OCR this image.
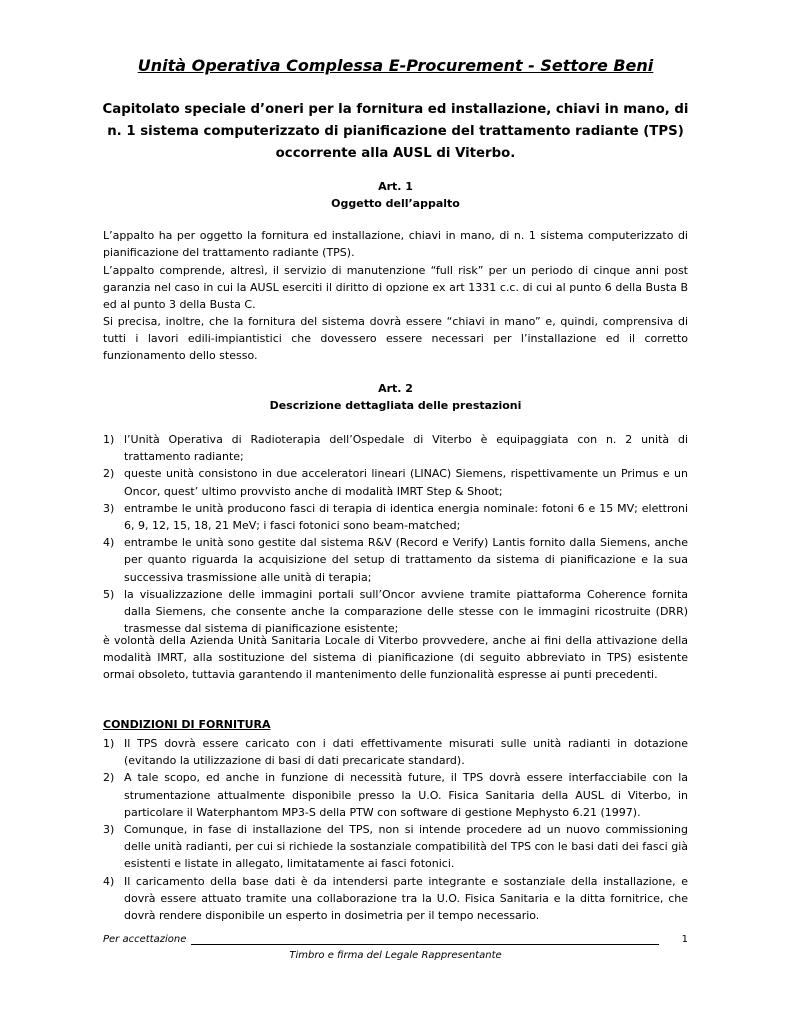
Unità Operativa Complessa E-Procurement - Settore Beni
Capitolato speciale d’oneri per la fornitura ed installazione, chiavi in mano, di n. 1 sistema computerizzato di pianificazione del trattamento radiante (TPS) occorrente alla AUSL di Viterbo.
Art. 1
Oggetto dell’appalto

L’appalto ha per oggetto la fornitura ed installazione, chiavi in mano, di n. 1 sistema computerizzato di pianificazione del trattamento radiante (TPS).

L’appalto comprende, altresì, il servizio di manutenzione “full risk” per un periodo di cinque anni post garanzia nel caso in cui la AUSL eserciti il diritto di opzione ex art 1331 c.c. di cui al punto 6 della Busta B ed al punto 3 della Busta C.

Si precisa, inoltre, che la fornitura del sistema dovrà essere “chiavi in mano” e, quindi, comprensiva di tutti i lavori edili-impiantistici che dovessero essere necessari per l’installazione ed il corretto funzionamento dello stesso.

Art. 2
Descrizione dettagliata delle prestazioni
1) l’Unità Operativa di Radioterapia dell’Ospedale di Viterbo è equipaggiata con n. 2 unità di trattamento radiante;
2) queste unità consistono in due acceleratori lineari (LINAC) Siemens, rispettivamente un Primus e un Oncor, quest’ ultimo provvisto anche di modalità IMRT Step & Shoot;
3) entrambe le unità producono fasci di terapia di identica energia nominale: fotoni 6 e 15 MV; elettroni 6, 9, 12, 15, 18, 21 MeV; i fasci fotonici sono beam-matched;
4) entrambe le unità sono gestite dal sistema R&V (Record e Verify) Lantis fornito dalla Siemens, anche per quanto riguarda la acquisizione del setup di trattamento da sistema di pianificazione e la sua successiva trasmissione alle unità di terapia;
5) la visualizzazione delle immagini portali sull’Oncor avviene tramite piattaforma Coherence fornita dalla Siemens, che consente anche la comparazione delle stesse con le immagini ricostruite (DRR) trasmesse dal sistema di pianificazione esistente;

è volontà della Azienda Unità Sanitaria Locale di Viterbo provvedere, anche ai fini della attivazione della modalità IMRT, alla sostituzione del sistema di pianificazione (di seguito abbreviato in TPS) esistente ormai obsoleto, tuttavia garantendo il mantenimento delle funzionalità espresse ai punti precedenti.

CONDIZIONI DI FORNITURA
1) Il TPS dovrà essere caricato con i dati effettivamente misurati sulle unità radianti in dotazione (evitando la utilizzazione di basi di dati precaricate standard).
2) A tale scopo, ed anche in funzione di necessità future, il TPS dovrà essere interfacciabile con la strumentazione attualmente disponibile presso la U.O. Fisica Sanitaria della AUSL di Viterbo, in particolare il Waterphantom MP3-S della PTW con software di gestione Mephysto 6.21 (1997).
3) Comunque, in fase di installazione del TPS, non si intende procedere ad un nuovo commissioning delle unità radianti, per cui si richiede la sostanziale compatibilità del TPS con le basi dati dei fasci già esistenti e listate in allegato, limitatamente ai fasci fotonici.
4) Il caricamento della base dati è da intendersi parte integrante e sostanziale della installazione, e dovrà essere attuato tramite una collaborazione tra la U.O. Fisica Sanitaria e la ditta fornitrice, che dovrà rendere disponibile un esperto in dosimetria per il tempo necessario.
Per accettazione	1
Timbro e firma del Legale Rappresentante
